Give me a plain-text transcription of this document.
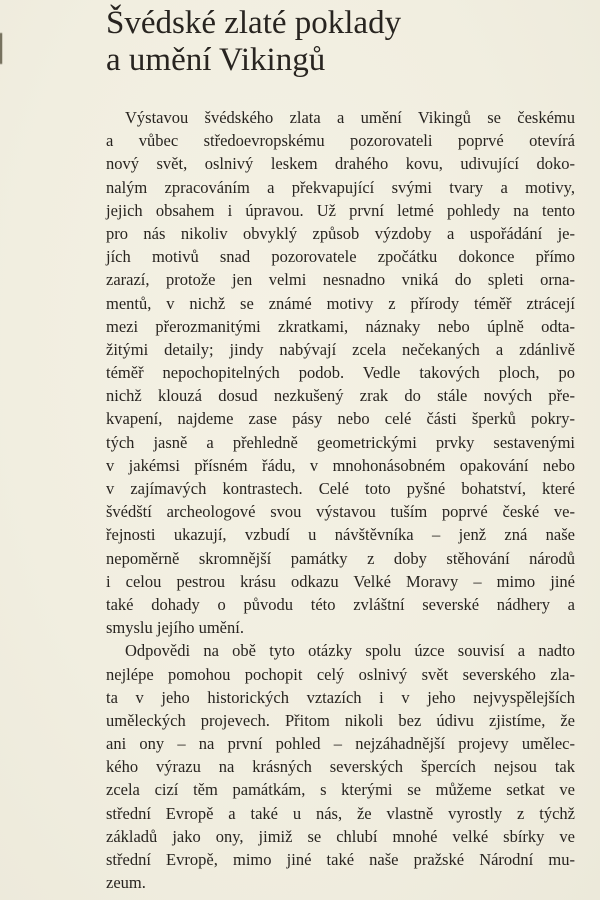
Švédské zlaté poklady
a umění Vikingů
Výstavou švédského zlata a umění Vikingů se českému
a vůbec středoevropskému pozorovateli poprvé otevírá
nový svět, oslnivý leskem drahého kovu, udivující doko-
nalým zpracováním a překvapující svými tvary a motivy,
jejich obsahem i úpravou. Už první letmé pohledy na tento
pro nás nikoliv obvyklý způsob výzdoby a uspořádání je-
jích motivů snad pozorovatele zpočátku dokonce přímo
zarazí, protože jen velmi nesnadno vniká do spleti orna-
mentů, v nichž se známé motivy z přírody téměř ztrácejí
mezi přerozmanitými zkratkami, náznaky nebo úplně odta-
žitými detaily; jindy nabývají zcela nečekaných a zdánlivě
téměř nepochopitelných podob. Vedle takových ploch, po
nichž klouzá dosud nezkušený zrak do stále nových pře-
kvapení, najdeme zase pásy nebo celé části šperků pokry-
tých jasně a přehledně geometrickými prvky sestavenými
v jakémsi přísném řádu, v mnohonásobném opakování nebo
v zajímavých kontrastech. Celé toto pyšné bohatství, které
švédští archeologové svou výstavou tuším poprvé české ve-
řejnosti ukazují, vzbudí u návštěvníka – jenž zná naše
nepoměrně skromnější památky z doby stěhování národů
i celou pestrou krásu odkazu Velké Moravy – mimo jiné
také dohady o původu této zvláštní severské nádhery a
smyslu jejího umění.
Odpovědi na obě tyto otázky spolu úzce souvisí a nadto
nejlépe pomohou pochopit celý oslnivý svět severského zla-
ta v jeho historických vztazích i v jeho nejvyspělejších
uměleckých projevech. Přitom nikoli bez údivu zjistíme, že
ani ony – na první pohled – nejzáhadnější projevy umělec-
kého výrazu na krásných severských špercích nejsou tak
zcela cizí těm památkám, s kterými se můžeme setkat ve
střední Evropě a také u nás, že vlastně vyrostly z týchž
základů jako ony, jimiž se chlubí mnohé velké sbírky ve
střední Evropě, mimo jiné také naše pražské Národní mu-
zeum.
